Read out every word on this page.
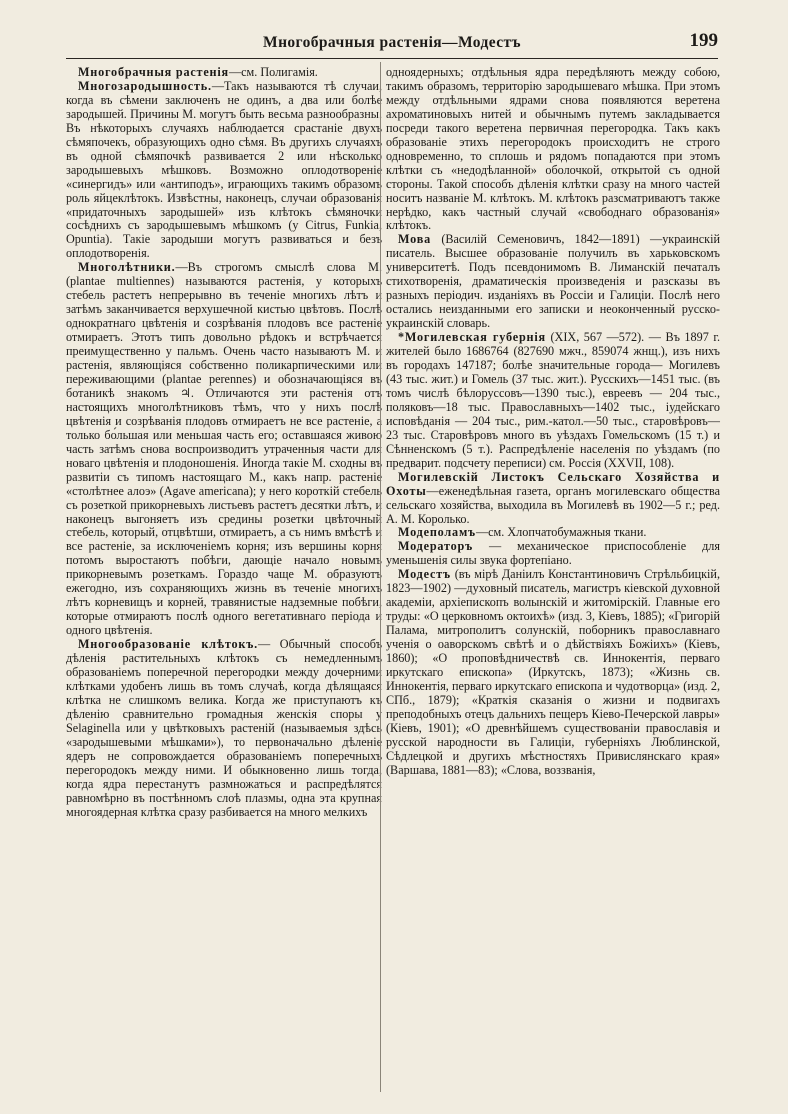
Многобрачныя растенія—Модестъ	199

Многобрачныя растенія—см. Полигамія.

Многозародышность.—Такъ называются тѣ случаи, когда въ сѣмени заключенъ не одинъ, а два или болѣе зародышей. Причины М. могутъ быть весьма разнообразны. Въ нѣкоторыхъ случаяхъ наблюдается срастаніе двухъ сѣмяпочекъ, образующихъ одно сѣмя. Въ другихъ случаяхъ въ одной сѣмяпочкѣ развивается 2 или нѣсколько зародышевыхъ мѣшковъ. Возможно оплодотвореніе «синергидъ» или «антиподъ», играющихъ такимъ образомъ роль яйцеклѣтокъ. Извѣстны, наконецъ, случаи образованія «придаточныхъ зародышей» изъ клѣтокъ сѣмяночки сосѣднихъ съ зародышевымъ мѣшкомъ (у Citrus, Funkia, Opuntia). Такіе зародыши могутъ развиваться и безъ оплодотворенія.

Многолѣтники.—Въ строгомъ смыслѣ слова М. (plantae multiennes) называются растенія, у которыхъ стебель растетъ непрерывно въ теченіе многихъ лѣтъ и затѣмъ заканчивается верхушечной кистью цвѣтовъ. Послѣ однократнаго цвѣтенія и созрѣванія плодовъ все растеніе отмираетъ. Этотъ типъ довольно рѣдокъ и встрѣчается преимущественно у пальмъ. Очень часто называютъ М. и растенія, являющіяся собственно поликарпическими или переживающими (plantae perennes) и обозначающіяся въ ботаникѣ знакомъ ♃. Отличаются эти растенія отъ настоящихъ многолѣтниковъ тѣмъ, что у нихъ послѣ цвѣтенія и созрѣванія плодовъ отмираетъ не все растеніе, а только бо́льшая или меньшая часть его; оставшаяся живою часть затѣмъ снова воспроизводитъ утраченныя части для новаго цвѣтенія и плодоношенія. Иногда такіе М. сходны въ развитіи съ типомъ настоящаго М., какъ напр. растеніе «столѣтнее алоэ» (Agave americana); у него короткій стебель съ розеткой прикорневыхъ листьевъ растетъ десятки лѣтъ, и наконецъ выгоняетъ изъ средины розетки цвѣточный стебель, который, отцвѣтши, отмираетъ, а съ нимъ вмѣстѣ и все растеніе, за исключеніемъ корня; изъ вершины корня потомъ выростаютъ побѣги, дающіе начало новымъ прикорневымъ розеткамъ. Гораздо чаще М. образуютъ ежегодно, изъ сохраняющихъ жизнь въ теченіе многихъ лѣтъ корневищъ и корней, травянистые надземные побѣги, которые отмираютъ послѣ одного вегетативнаго періода и одного цвѣтенія.

Многообразованіе клѣтокъ.— Обычный способъ дѣленія растительныхъ клѣтокъ съ немедленнымъ образованіемъ поперечной перегородки между дочерними клѣтками удобенъ лишь въ томъ случаѣ, когда дѣлящаяся клѣтка не слишкомъ велика. Когда же приступаютъ къ дѣленію сравнительно громадныя женскія споры у Selaginella или у цвѣтковыхъ растеній (называемыя здѣсь «зародышевыми мѣшками»), то первоначально дѣленіе ядеръ не сопровождается образованіемъ поперечныхъ перегородокъ между ними. И обыкновенно лишь тогда, когда ядра перестанутъ размножаться и распредѣлятся равномѣрно въ постѣнномъ слоѣ плазмы, одна эта крупная многоядерная клѣтка сразу разбивается на много мелкихъ

одноядерныхъ; отдѣльныя ядра передѣляютъ между собою, такимъ образомъ, территорію зародышеваго мѣшка. При этомъ между отдѣльными ядрами снова появляются веретена ахроматиновыхъ нитей и обычнымъ путемъ закладывается посреди такого веретена первичная перегородка. Такъ какъ образованіе этихъ перегородокъ происходитъ не строго одновременно, то сплошь и рядомъ попадаются при этомъ клѣтки съ «недодѣланной» оболочкой, открытой съ одной стороны. Такой способъ дѣленія клѣтки сразу на много частей носитъ названіе М. клѣтокъ. М. клѣтокъ разсматриваютъ также нерѣдко, какъ частный случай «свободнаго образованія» клѣтокъ.

Мова (Василій Семеновичъ, 1842—1891) —украинскій писатель. Высшее образованіе получилъ въ харьковскомъ университетѣ. Подъ псевдонимомъ В. Лиманскій печаталъ стихотворенія, драматическія произведенія и разсказы въ разныхъ періодич. изданіяхъ въ Россіи и Галиціи. Послѣ него остались неизданными его записки и неоконченный русско-украинскій словарь.

*Могилевская губернія (XIX, 567 —572). — Въ 1897 г. жителей было 1686764 (827690 мжч., 859074 жнщ.), изъ нихъ въ городахъ 147187; болѣе значительные города— Могилевъ (43 тыс. жит.) и Гомель (37 тыс. жит.). Русскихъ—1451 тыс. (въ томъ числѣ бѣлоруссовъ—1390 тыс.), евреевъ — 204 тыс., поляковъ—18 тыс. Православныхъ—1402 тыс., іудейскаго исповѣданія — 204 тыс., рим.-катол.—50 тыс., старовѣровъ—23 тыс. Старовѣровъ много въ уѣздахъ Гомельскомъ (15 т.) и Сѣнненскомъ (5 т.). Распредѣленіе населенія по уѣздамъ (по предварит. подсчету переписи) см. Россія (XXVII, 108).

Могилевскій Листокъ Сельскаго Хозяйства и Охоты—еженедѣльная газета, органъ могилевскаго общества сельскаго хозяйства, выходила въ Могилевѣ въ 1902—5 г.; ред. А. М. Королько.

Модеполамъ—см. Хлопчатобумажныя ткани.

Модераторъ — механическое приспособленіе для уменьшенія силы звука фортепіано.

Модестъ (въ мірѣ Даніилъ Константиновичъ Стрѣльбицкій, 1823—1902) —духовный писатель, магистръ кіевской духовной академіи, архіепископъ волынскій и житомірскій. Главные его труды: «О церковномъ октоихѣ» (изд. 3, Кіевъ, 1885); «Григорій Паламa, митрополитъ солунскій, поборникъ православнаго ученія о оаворскомъ свѣтѣ и о дѣйствіяхъ Божіихъ» (Кіевъ, 1860); «О проповѣдничествѣ св. Иннокентія, перваго иркутскаго епископа» (Иркутскъ, 1873); «Жизнь св. Иннокентія, перваго иркутскаго епископа и чудотворца» (изд. 2, СПб., 1879); «Краткія сказанія о жизни и подвигахъ преподобныхъ отецъ дальнихъ пещеръ Кіево-Печерской лавры» (Кіевъ, 1901); «О древнѣйшемъ существованіи православія и русской народности въ Галиціи, губерніяхъ Люблинской, Сѣдлецкой и другихъ мѣстностяхъ Привислянскаго края» (Варшава, 1881—83); «Слова, воззванія,
